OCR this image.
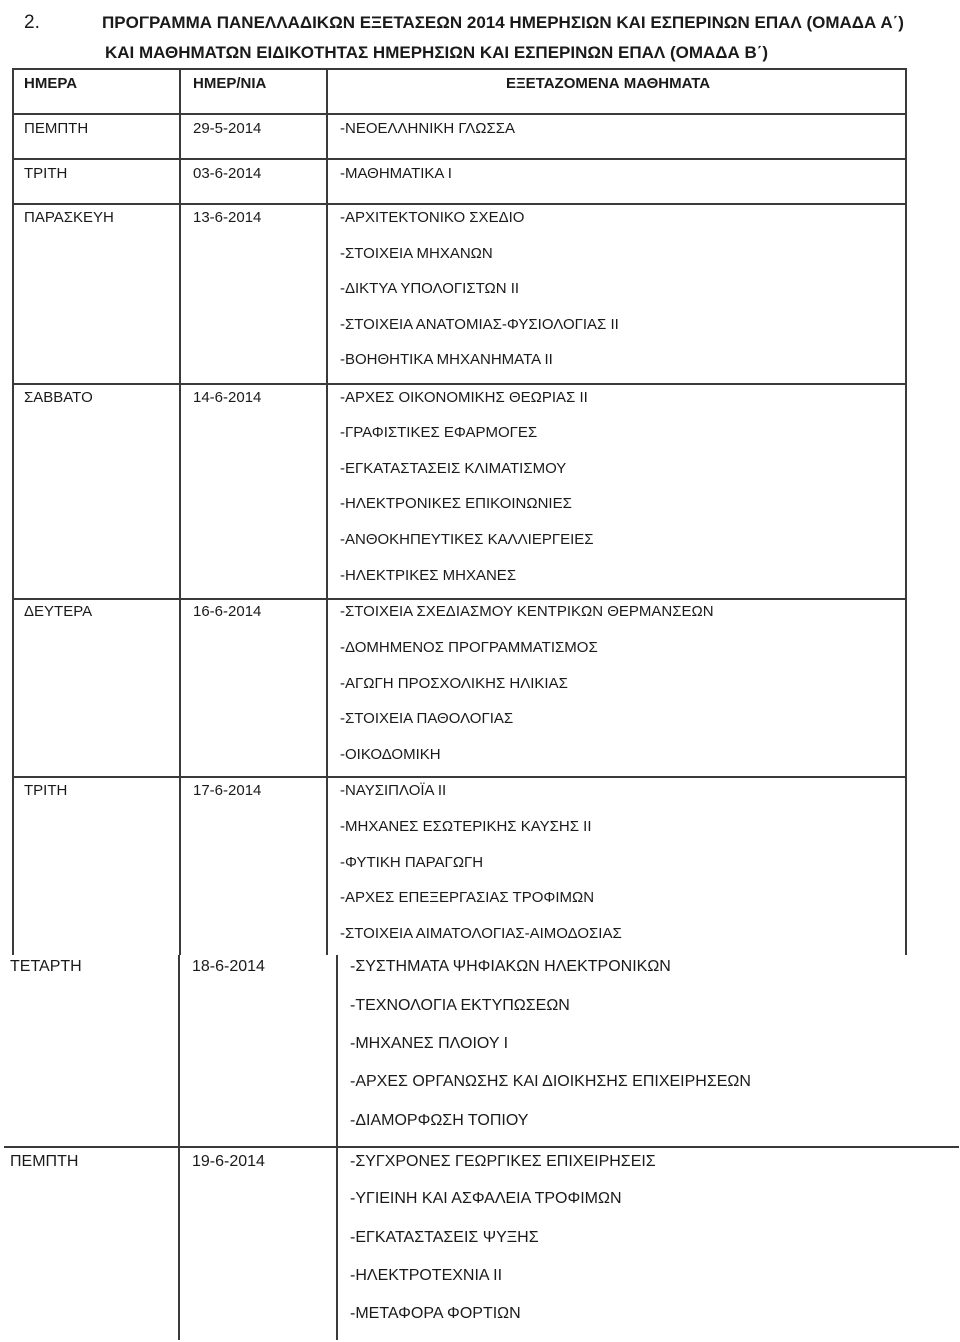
2.	ΠΡΟΓΡΑΜΜΑ ΠΑΝΕΛΛΑΔΙΚΩΝ ΕΞΕΤΑΣΕΩΝ 2014 ΗΜΕΡΗΣΙΩΝ ΚΑΙ ΕΣΠΕΡΙΝΩΝ ΕΠΑΛ (ΟΜΑΔΑ Α΄)
ΚΑΙ ΜΑΘΗΜΑΤΩΝ ΕΙΔΙΚΟΤΗΤΑΣ ΗΜΕΡΗΣΙΩΝ ΚΑΙ ΕΣΠΕΡΙΝΩΝ ΕΠΑΛ (ΟΜΑΔΑ Β΄)
ΗΜΕΡΑ	ΗΜΕΡ/ΝΙΑ	ΕΞΕΤΑΖΟΜΕΝΑ ΜΑΘΗΜΑΤΑ
ΠΕΜΠΤΗ	29-5-2014	-ΝΕΟΕΛΛΗΝΙΚΗ ΓΛΩΣΣΑ
ΤΡΙΤΗ	03-6-2014	-ΜΑΘΗΜΑΤΙΚΑ Ι
ΠΑΡΑΣΚΕΥΗ	13-6-2014	-ΑΡΧΙΤΕΚΤΟΝΙΚΟ ΣΧΕΔΙΟ
-ΣΤΟΙΧΕΙΑ ΜΗΧΑΝΩΝ
-ΔΙΚΤΥΑ ΥΠΟΛΟΓΙΣΤΩΝ ΙΙ
-ΣΤΟΙΧΕΙΑ ΑΝΑΤΟΜΙΑΣ-ΦΥΣΙΟΛΟΓΙΑΣ ΙΙ
-ΒΟΗΘΗΤΙΚΑ ΜΗΧΑΝΗΜΑΤΑ ΙΙ
ΣΑΒΒΑΤΟ	14-6-2014	-ΑΡΧΕΣ ΟΙΚΟΝΟΜΙΚΗΣ ΘΕΩΡΙΑΣ ΙΙ
-ΓΡΑΦΙΣΤΙΚΕΣ ΕΦΑΡΜΟΓΕΣ
-ΕΓΚΑΤΑΣΤΑΣΕΙΣ ΚΛΙΜΑΤΙΣΜΟΥ
-ΗΛΕΚΤΡΟΝΙΚΕΣ ΕΠΙΚΟΙΝΩΝΙΕΣ
-ΑΝΘΟΚΗΠΕΥΤΙΚΕΣ ΚΑΛΛΙΕΡΓΕΙΕΣ
-ΗΛΕΚΤΡΙΚΕΣ ΜΗΧΑΝΕΣ
ΔΕΥΤΕΡΑ	16-6-2014	-ΣΤΟΙΧΕΙΑ ΣΧΕΔΙΑΣΜΟΥ ΚΕΝΤΡΙΚΩΝ ΘΕΡΜΑΝΣΕΩΝ
-ΔΟΜΗΜΕΝΟΣ ΠΡΟΓΡΑΜΜΑΤΙΣΜΟΣ
-ΑΓΩΓΗ ΠΡΟΣΧΟΛΙΚΗΣ ΗΛΙΚΙΑΣ
-ΣΤΟΙΧΕΙΑ ΠΑΘΟΛΟΓΙΑΣ
-ΟΙΚΟΔΟΜΙΚΗ
ΤΡΙΤΗ	17-6-2014	-ΝΑΥΣΙΠΛΟΪΑ ΙΙ
-ΜΗΧΑΝΕΣ ΕΣΩΤΕΡΙΚΗΣ ΚΑΥΣΗΣ ΙΙ
-ΦΥΤΙΚΗ ΠΑΡΑΓΩΓΗ
-ΑΡΧΕΣ ΕΠΕΞΕΡΓΑΣΙΑΣ ΤΡΟΦΙΜΩΝ
-ΣΤΟΙΧΕΙΑ ΑΙΜΑΤΟΛΟΓΙΑΣ-ΑΙΜΟΔΟΣΙΑΣ
ΤΕΤΑΡΤΗ	18-6-2014	-ΣΥΣΤΗΜΑΤΑ ΨΗΦΙΑΚΩΝ ΗΛΕΚΤΡΟΝΙΚΩΝ
-ΤΕΧΝΟΛΟΓΙΑ ΕΚΤΥΠΩΣΕΩΝ
-ΜΗΧΑΝΕΣ ΠΛΟΙΟΥ Ι
-ΑΡΧΕΣ ΟΡΓΑΝΩΣΗΣ ΚΑΙ ΔΙΟΙΚΗΣΗΣ ΕΠΙΧΕΙΡΗΣΕΩΝ
-ΔΙΑΜΟΡΦΩΣΗ ΤΟΠΙΟΥ
ΠΕΜΠΤΗ	19-6-2014	-ΣΥΓΧΡΟΝΕΣ ΓΕΩΡΓΙΚΕΣ ΕΠΙΧΕΙΡΗΣΕΙΣ
-ΥΓΙΕΙΝΗ ΚΑΙ ΑΣΦΑΛΕΙΑ ΤΡΟΦΙΜΩΝ
-ΕΓΚΑΤΑΣΤΑΣΕΙΣ ΨΥΞΗΣ
-ΗΛΕΚΤΡΟΤΕΧΝΙΑ ΙΙ
-ΜΕΤΑΦΟΡΑ ΦΟΡΤΙΩΝ
